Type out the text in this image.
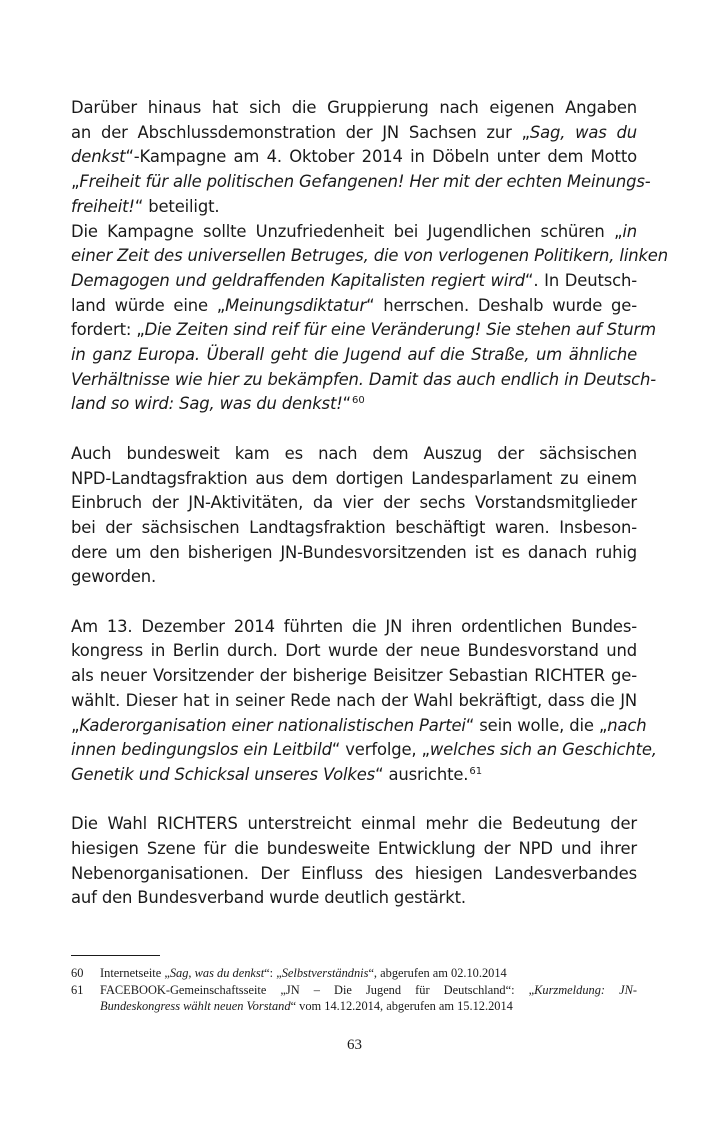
Darüber hinaus hat sich die Gruppierung nach eigenen Angaben
an der Abschlussdemonstration der JN Sachsen zur „Sag, was du
denkst“-Kampagne am 4. Oktober 2014 in Döbeln unter dem Motto
„Freiheit für alle politischen Gefangenen! Her mit der echten Meinungs-
freiheit!“ beteiligt.
Die Kampagne sollte Unzufriedenheit bei Jugendlichen schüren „in
einer Zeit des universellen Betruges, die von verlogenen Politikern, linken
Demagogen und geldraffenden Kapitalisten regiert wird“. In Deutsch-
land würde eine „Meinungsdiktatur“ herrschen. Deshalb wurde ge-
fordert: „Die Zeiten sind reif für eine Veränderung! Sie stehen auf Sturm
in ganz Europa. Überall geht die Jugend auf die Straße, um ähnliche
Verhältnisse wie hier zu bekämpfen. Damit das auch endlich in Deutsch-
land so wird: Sag, was du denkst!“$^{60}$
Auch bundesweit kam es nach dem Auszug der sächsischen
NPD-Landtagsfraktion aus dem dortigen Landesparlament zu einem
Einbruch der JN-Aktivitäten, da vier der sechs Vorstandsmitglieder
bei der sächsischen Landtagsfraktion beschäftigt waren. Insbeson-
dere um den bisherigen JN-Bundesvorsitzenden ist es danach ruhig
geworden.
Am 13. Dezember 2014 führten die JN ihren ordentlichen Bundes-
kongress in Berlin durch. Dort wurde der neue Bundesvorstand und
als neuer Vorsitzender der bisherige Beisitzer Sebastian RICHTER ge-
wählt. Dieser hat in seiner Rede nach der Wahl bekräftigt, dass die JN
„Kaderorganisation einer nationalistischen Partei“ sein wolle, die „nach
innen bedingungslos ein Leitbild“ verfolge, „welches sich an Geschichte,
Genetik und Schicksal unseres Volkes“ ausrichte.$^{61}$
Die Wahl RICHTERS unterstreicht einmal mehr die Bedeutung der
hiesigen Szene für die bundesweite Entwicklung der NPD und ihrer
Nebenorganisationen. Der Einfluss des hiesigen Landesverbandes
auf den Bundesverband wurde deutlich gestärkt.
60	Internetseite „Sag, was du denkst“: „Selbstverständnis“, abgerufen am 02.10.2014
61	FACEBOOK-Gemeinschaftsseite „JN – Die Jugend für Deutschland“: „Kurzmeldung: JN-
Bundeskongress wählt neuen Vorstand“ vom 14.12.2014, abgerufen am 15.12.2014
63
